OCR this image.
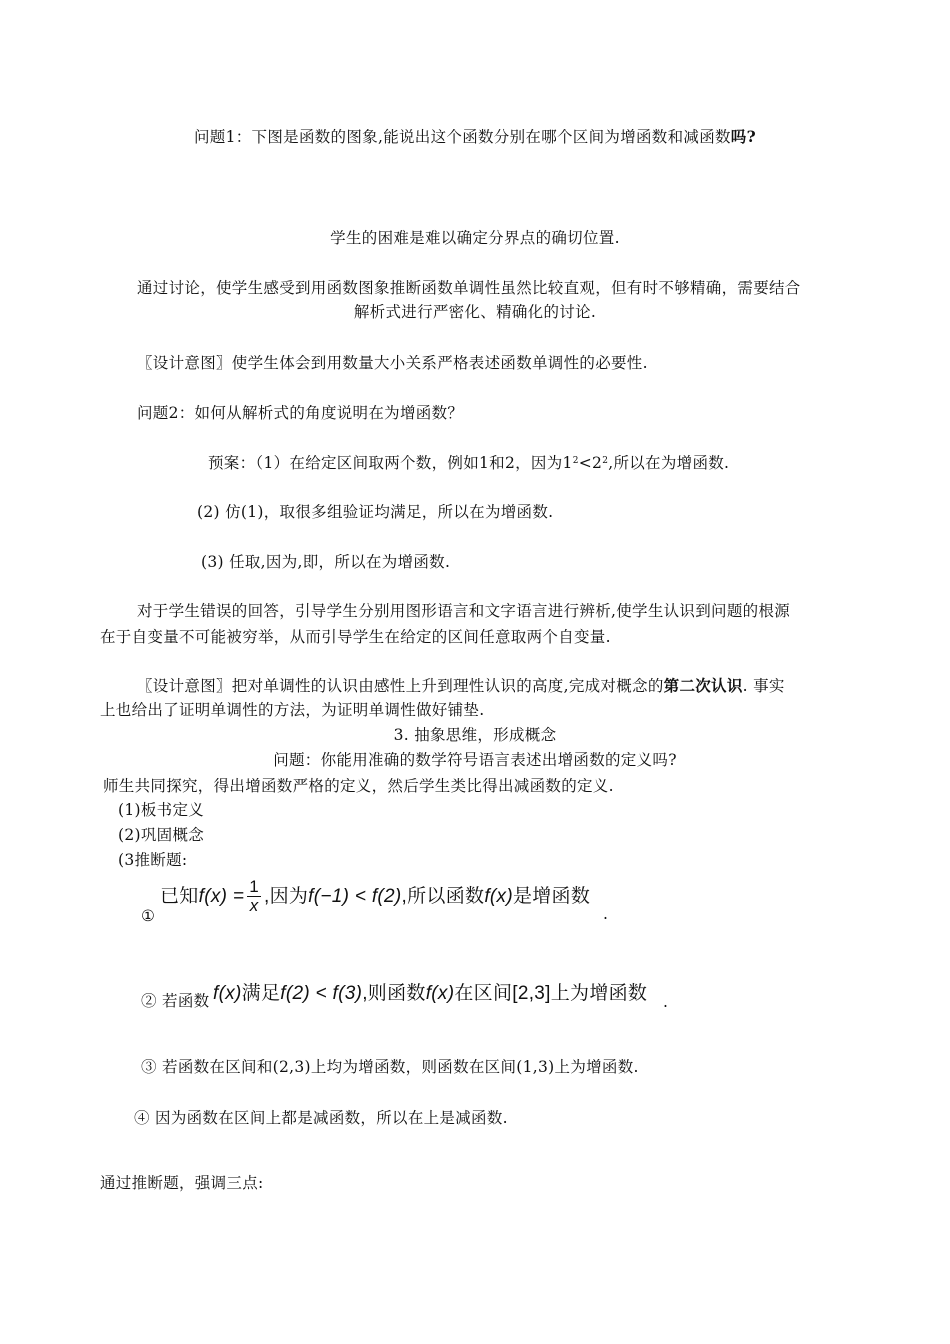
问题1：下图是函数的图象,能说出这个函数分别在哪个区间为增函数和减函数吗?
学生的困难是难以确定分界点的确切位置.
通过讨论，使学生感受到用函数图象推断函数单调性虽然比较直观，但有时不够精确，需要结合
解析式进行严密化、精确化的讨论.
〖设计意图〗使学生体会到用数量大小关系严格表述函数单调性的必要性.
问题2：如何从解析式的角度说明在为增函数？
预案：（1）在给定区间取两个数，例如1和2，因为$1^2<2^2$,所以在为增函数.
(2) 仿(1)，取很多组验证均满足，所以在为增函数.
(3) 任取,因为,即，所以在为增函数.
对于学生错误的回答，引导学生分别用图形语言和文字语言进行辨析,使学生认识到问题的根源
在于自变量不可能被穷举，从而引导学生在给定的区间任意取两个自变量.
〖设计意图〗把对单调性的认识由感性上升到理性认识的高度,完成对概念的第二次认识. 事实
上也给出了证明单调性的方法，为证明单调性做好铺垫.
3. 抽象思维，形成概念
问题：你能用准确的数学符号语言表述出增函数的定义吗?
师生共同探究，得出增函数严格的定义，然后学生类比得出减函数的定义.
(1)板书定义
(2)巩固概念
(3推断题:
①
已知$f(x) = \frac{1}{x}$ ,因为f(−1) < f(2),所以函数f(x)是增函数
.
② 若函数 f(x)满足f(2) < f(3),则函数f(x)在区间[2,3]上为增函数 .
③ 若函数在区间和(2,3)上均为增函数，则函数在区间(1,3)上为增函数.
④ 因为函数在区间上都是减函数，所以在上是减函数.
通过推断题，强调三点:
